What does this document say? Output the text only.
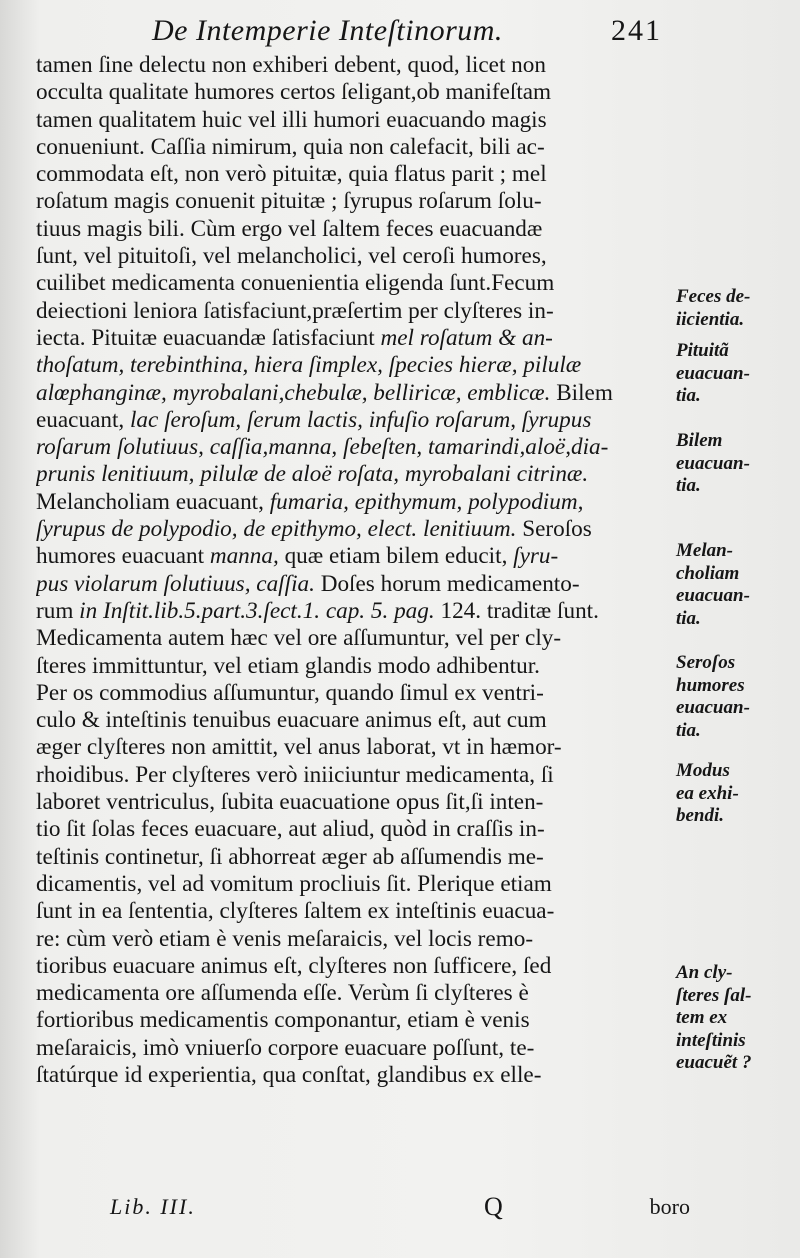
De Intemperie Inteſtinorum.	241
tamen ſine delectu non exhiberi debent, quod, licet non
occulta qualitate humores certos ſeligant,ob manifeſtam
tamen qualitatem huic vel illi humori euacuando magis
conueniunt. Caſſia nimirum, quia non calefacit, bili ac-
commodata eſt, non verò pituitæ, quia flatus parit ; mel
roſatum magis conuenit pituitæ ; ſyrupus roſarum ſolu-
tiuus magis bili. Cùm ergo vel ſaltem feces euacuandæ
ſunt, vel pituitoſi, vel melancholici, vel ceroſi humores,
cuilibet medicamenta conuenientia eligenda ſunt.Fecum
deiectioni leniora ſatisfaciunt,præſertim per clyſteres in-
iecta. Pituitæ euacuandæ ſatisfaciunt mel roſatum & an-
thoſatum, terebinthina, hiera ſimplex, ſpecies hieræ, pilulæ
alœphanginæ, myrobalani,chebulæ, belliricæ, emblicæ. Bilem
euacuant, lac ſeroſum, ſerum lactis, infuſio roſarum, ſyrupus
roſarum ſolutiuus, caſſia,manna, ſebeſten, tamarindi,aloë,dia-
prunis lenitiuum, pilulæ de aloë roſata, myrobalani citrinæ.
Melancholiam euacuant, fumaria, epithymum, polypodium,
ſyrupus de polypodio, de epithymo, elect. lenitiuum. Seroſos
humores euacuant manna, quæ etiam bilem educit, ſyru-
pus violarum ſolutiuus, caſſia. Doſes horum medicamento-
rum in Inſtit.lib.5.part.3.ſect.1. cap. 5. pag. 124. traditæ ſunt.
Medicamenta autem hæc vel ore aſſumuntur, vel per cly-
ſteres immittuntur, vel etiam glandis modo adhibentur.
Per os commodius aſſumuntur, quando ſimul ex ventri-
culo & inteſtinis tenuibus euacuare animus eſt, aut cum
æger clyſteres non amittit, vel anus laborat, vt in hæmor-
rhoidibus. Per clyſteres verò iniiciuntur medicamenta, ſi
laboret ventriculus, ſubita euacuatione opus ſit,ſi inten-
tio ſit ſolas feces euacuare, aut aliud, quòd in craſſis in-
teſtinis continetur, ſi abhorreat æger ab aſſumendis me-
dicamentis, vel ad vomitum procliuis ſit. Plerique etiam
ſunt in ea ſententia, clyſteres ſaltem ex inteſtinis euacua-
re: cùm verò etiam è venis meſaraicis, vel locis remo-
tioribus euacuare animus eſt, clyſteres non ſufficere, ſed
medicamenta ore aſſumenda eſſe. Verùm ſi clyſteres è
fortioribus medicamentis componantur, etiam è venis
meſaraicis, imò vniuerſo corpore euacuare poſſunt, te-
ſtatúrque id experientia, qua conſtat, glandibus ex elle-
Feces de-
iicientia.
Pituitã
euacuan-
tia.
Bilem
euacuan-
tia.
Melan-
choliam
euacuan-
tia.
Seroſos
humores
euacuan-
tia.
Modus
ea exhi-
bendi.
An cly-
ſteres ſal-
tem ex
inteſtinis
euacuẽt ?
Lib. III.	Q	boro
